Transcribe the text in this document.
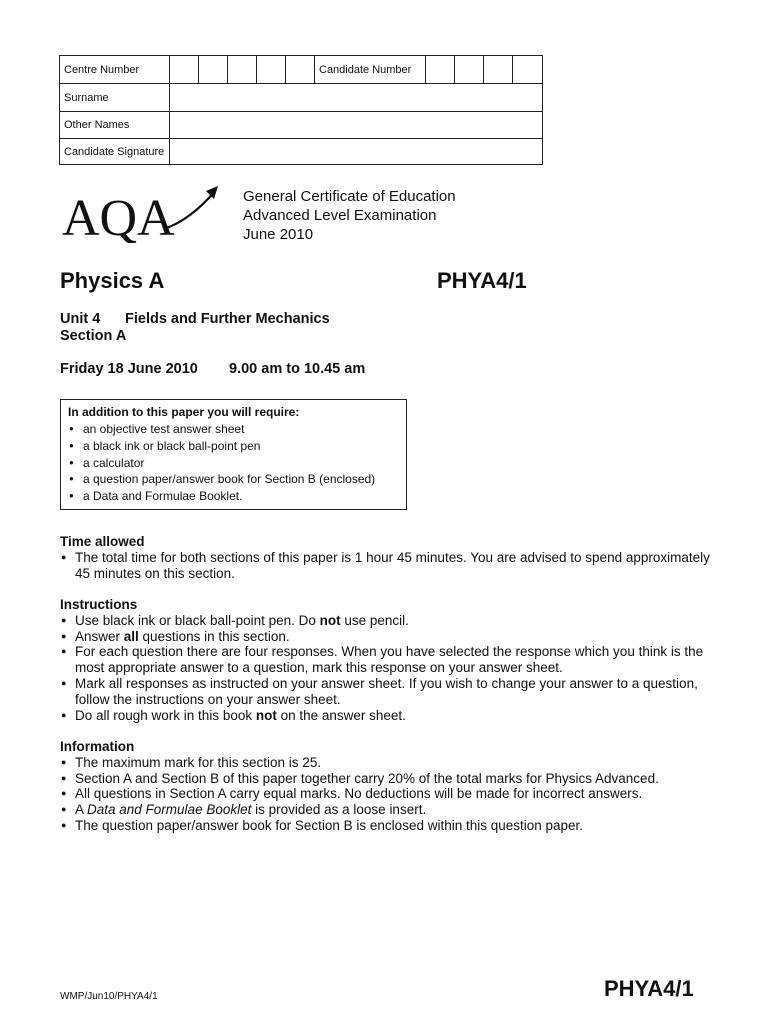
Centre Number	Candidate Number
Surname
Other Names
Candidate Signature
AQA	General Certificate of Education
Advanced Level Examination
June 2010
Physics A	PHYA4/1
Unit 4 Fields and Further Mechanics
Section A
Friday 18 June 2010 9.00 am to 10.45 am
In addition to this paper you will require:
● an objective test answer sheet
● a black ink or black ball-point pen
● a calculator
● a question paper/answer book for Section B (enclosed)
● a Data and Formulae Booklet.
Time allowed
● The total time for both sections of this paper is 1 hour 45 minutes. You are advised to spend approximately 45 minutes on this section.
Instructions
● Use black ink or black ball-point pen. Do not use pencil.
● Answer all questions in this section.
● For each question there are four responses. When you have selected the response which you think is the most appropriate answer to a question, mark this response on your answer sheet.
● Mark all responses as instructed on your answer sheet. If you wish to change your answer to a question, follow the instructions on your answer sheet.
● Do all rough work in this book not on the answer sheet.
Information
● The maximum mark for this section is 25.
● Section A and Section B of this paper together carry 20% of the total marks for Physics Advanced.
● All questions in Section A carry equal marks. No deductions will be made for incorrect answers.
● A Data and Formulae Booklet is provided as a loose insert.
● The question paper/answer book for Section B is enclosed within this question paper.
WMP/Jun10/PHYA4/1	PHYA4/1
